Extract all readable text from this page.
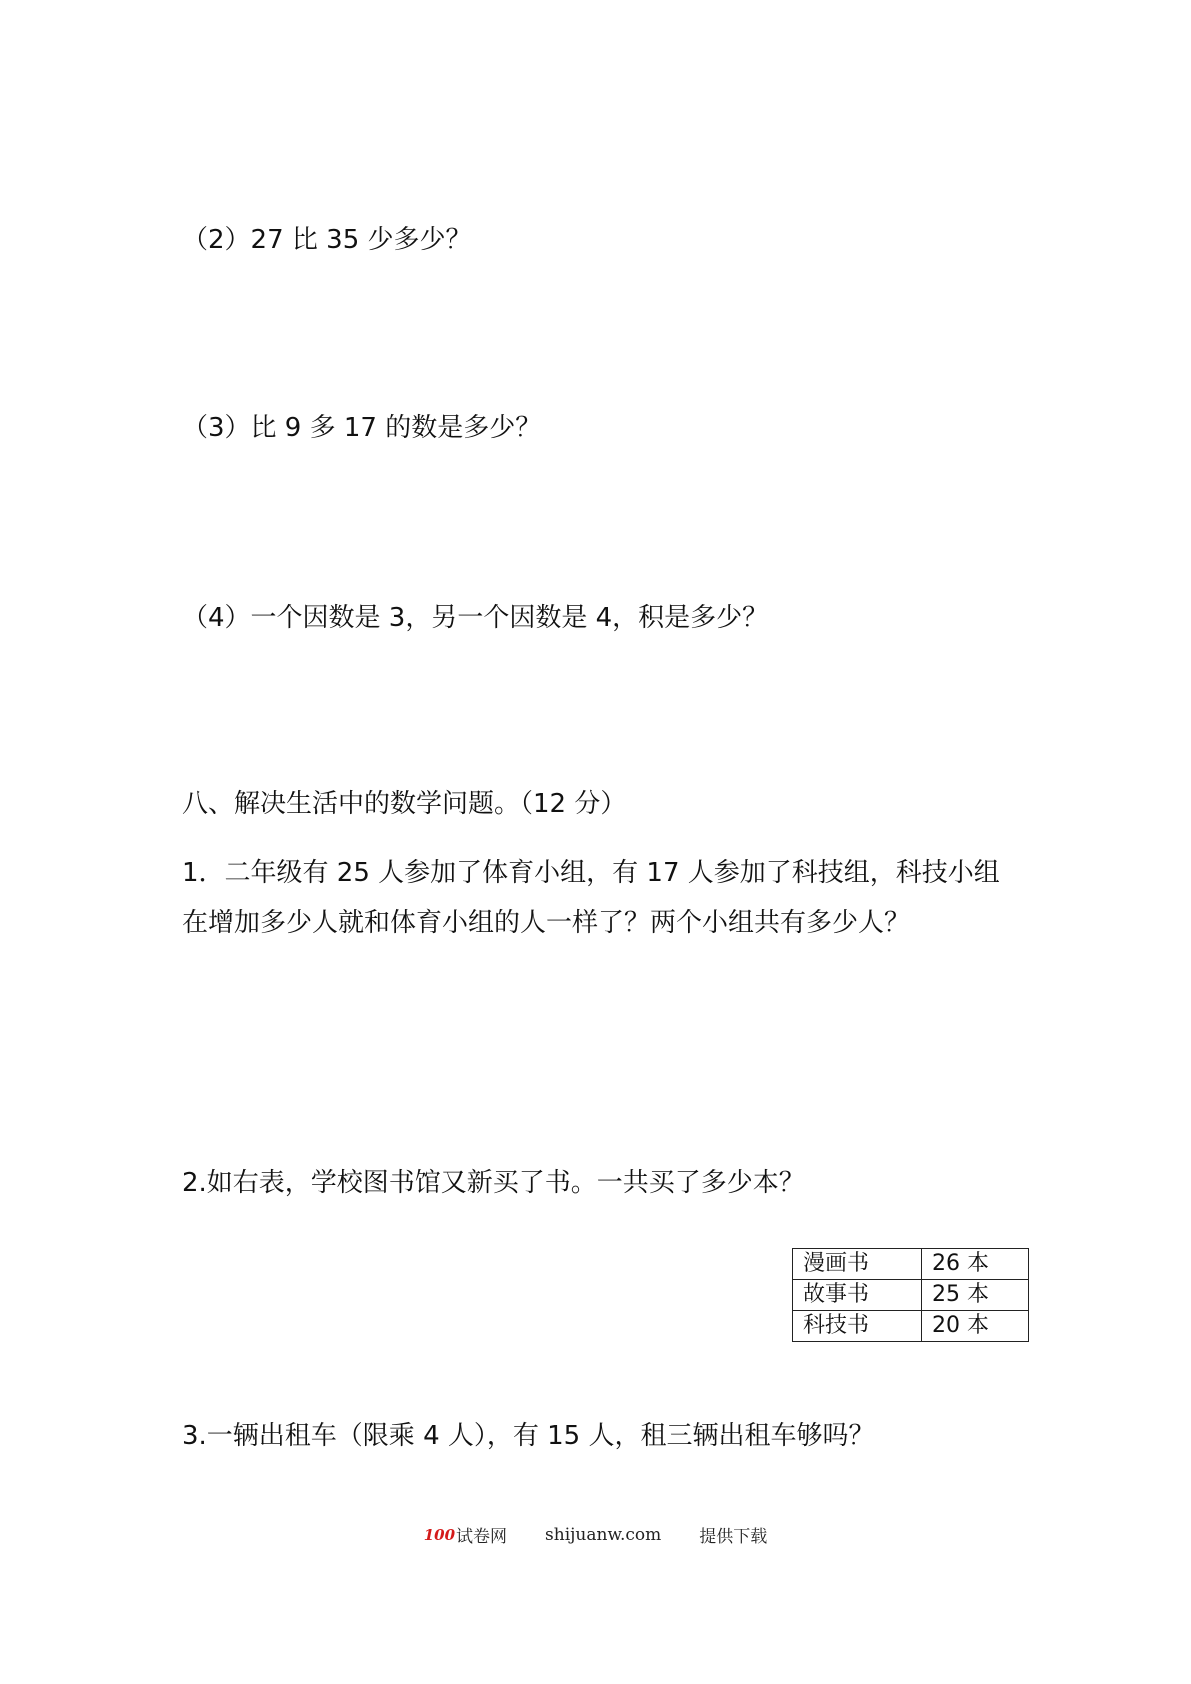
（2）27 比 35 少多少？
（3）比 9 多 17 的数是多少？
（4）一个因数是 3，另一个因数是 4，积是多少？
八、解决生活中的数学问题。（12 分）
1．二年级有 25 人参加了体育小组，有 17 人参加了科技组，科技小组在增加多少人就和体育小组的人一样了？两个小组共有多少人？
2.如右表，学校图书馆又新买了书。一共买了多少本？
漫画书	26 本
故事书	25 本
科技书	20 本
3.一辆出租车（限乘 4 人），有 15 人，租三辆出租车够吗？
100试卷网 shijuanw.com 提供下载
